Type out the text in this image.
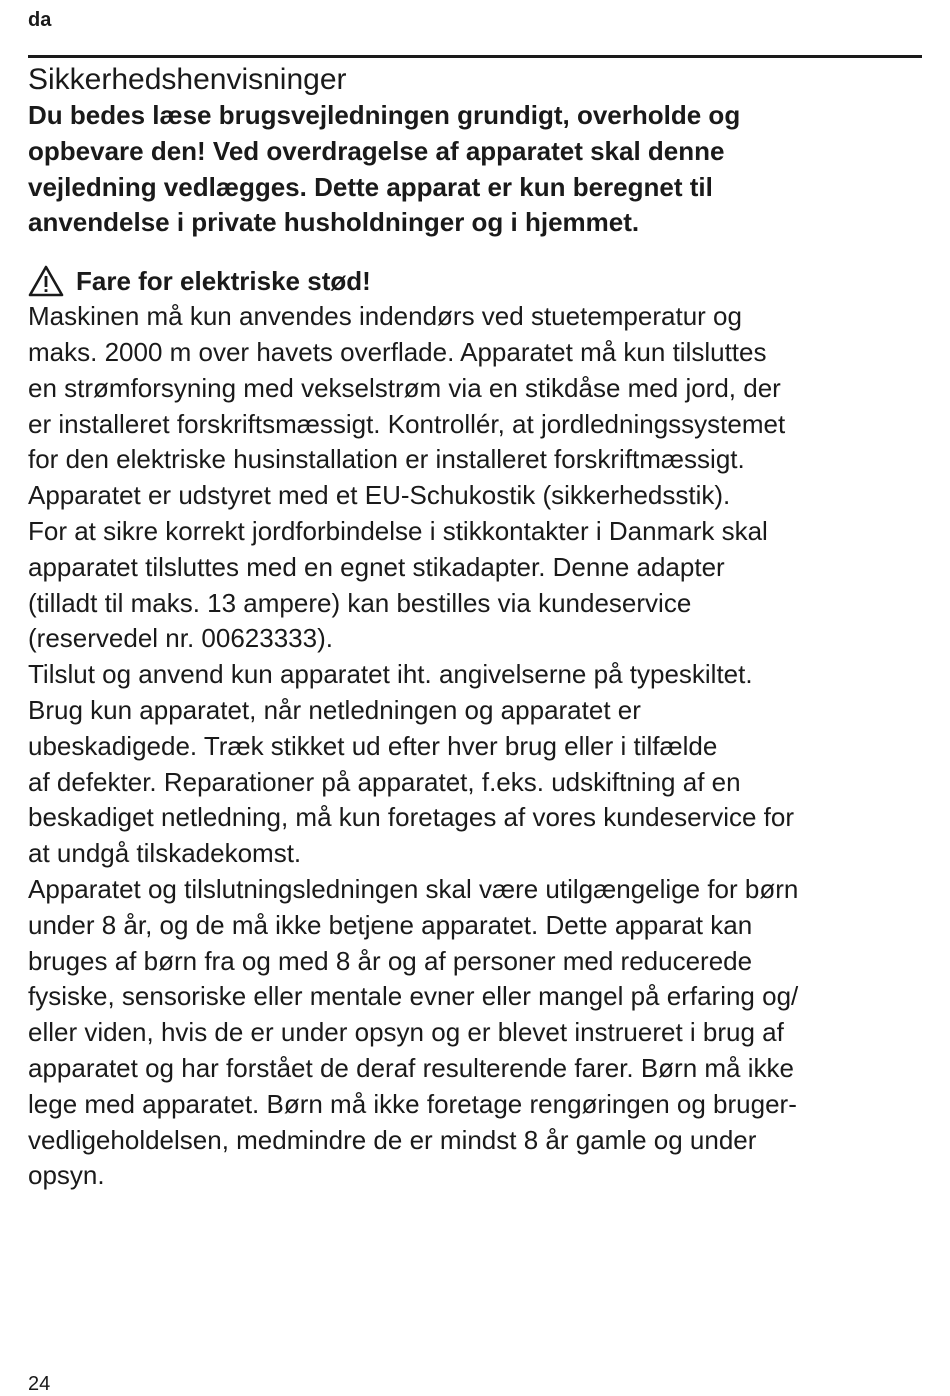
da
Sikkerhedshenvisninger
Du bedes læse brugsvejledningen grundigt, overholde og
opbevare den! Ved overdragelse af apparatet skal denne
vejledning vedlægges. Dette apparat er kun beregnet til
anvendelse i private husholdninger og i hjemmet.
Fare for elektriske stød!
Maskinen må kun anvendes indendørs ved stuetemperatur og
maks. 2000 m over havets overflade. Apparatet må kun tilsluttes
en strømforsyning med vekselstrøm via en stikdåse med jord, der
er installeret forskriftsmæssigt. Kontrollér, at jordledningssystemet
for den elektriske husinstallation er installeret forskriftmæssigt.
Apparatet er udstyret med et EU-Schukostik (sikkerhedsstik).
For at sikre korrekt jordforbindelse i stikkontakter i Danmark skal
apparatet tilsluttes med en egnet stikadapter. Denne adapter
(tilladt til maks. 13 ampere) kan bestilles via kundeservice
(reservedel nr. 00623333).
Tilslut og anvend kun apparatet iht. angivelserne på typeskiltet.
Brug kun apparatet, når netledningen og apparatet er
ubeskadigede. Træk stikket ud efter hver brug eller i tilfælde
af defekter. Reparationer på apparatet, f.eks. udskiftning af en
beskadiget netledning, må kun foretages af vores kundeservice for
at undgå tilskadekomst.
Apparatet og tilslutningsledningen skal være utilgængelige for børn
under 8 år, og de må ikke betjene apparatet. Dette apparat kan
bruges af børn fra og med 8 år og af personer med reducerede
fysiske, sensoriske eller mentale evner eller mangel på erfaring og/
eller viden, hvis de er under opsyn og er blevet instrueret i brug af
apparatet og har forstået de deraf resulterende farer. Børn må ikke
lege med apparatet. Børn må ikke foretage rengøringen og bruger-
vedligeholdelsen, medmindre de er mindst 8 år gamle og under
opsyn.
24
